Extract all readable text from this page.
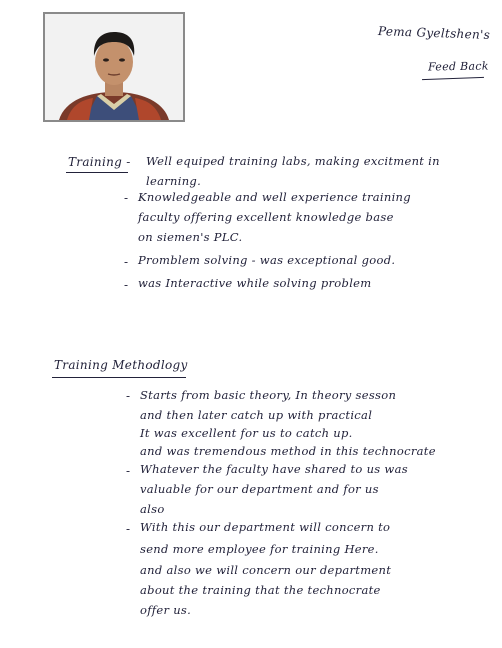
Pema Gyeltshen's
Feed Back
Training - Well equiped training labs, making excitment in
learning.
- Knowledgeable and well experience training
faculty offering excellent knowledge base
on siemen's PLC.
- Promblem solving - was exceptional good.
- was Interactive while solving problem
Training Methodlogy
- Starts from basic theory, In theory sesson
and then later catch up with practical
It was excellent for us to catch up.
and was tremendous method in this technocrate
- Whatever the faculty have shared to us was
valuable for our department and for us
also
- With this our department will concern to
send more employee for training Here.
and also we will concern our department
about the training that the technocrate
offer us.
